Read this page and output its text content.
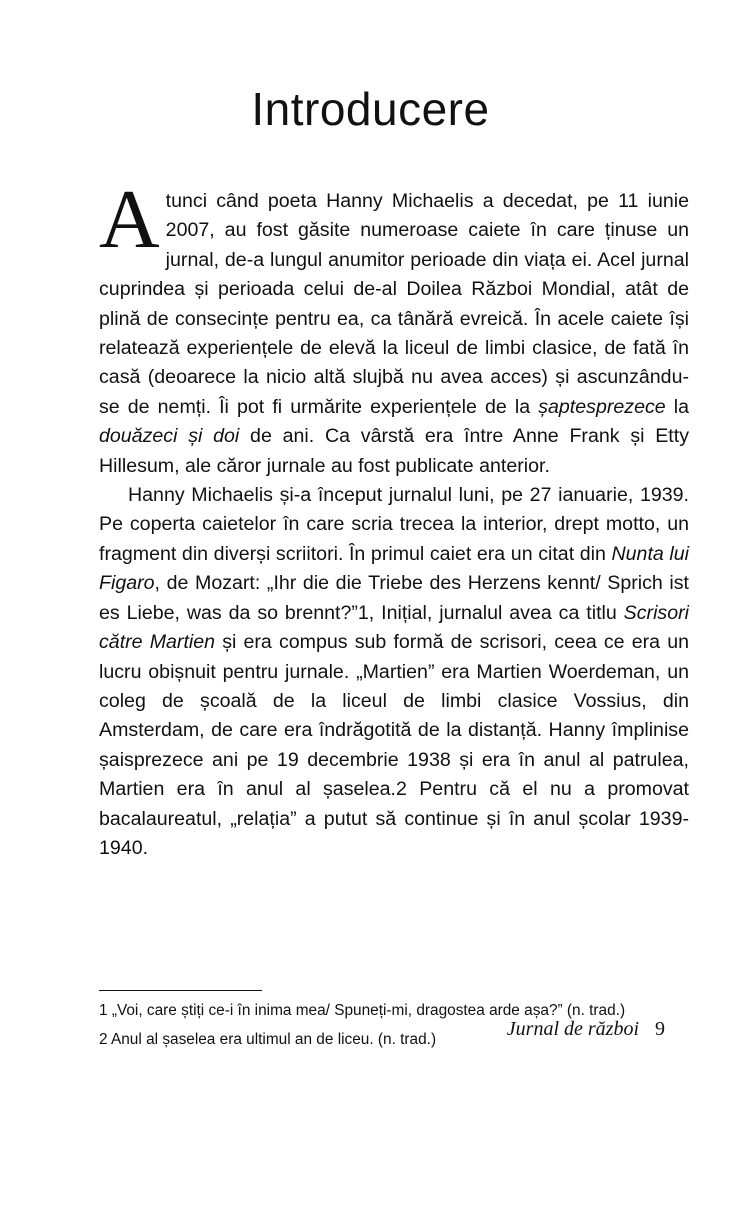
Introducere

Atunci când poeta Hanny Michaelis a decedat, pe 11 iunie 2007, au fost găsite numeroase caiete în care ținuse un jurnal, de-a lungul anumitor perioade din viața ei. Acel jurnal cuprindea și perioada celui de-al Doilea Război Mondial, atât de plină de consecințe pentru ea, ca tânără evreică. În acele caiete își relatează experiențele de elevă la liceul de limbi clasice, de fată în casă (deoarece la nicio altă slujbă nu avea acces) și ascunzându-se de nemți. Îi pot fi urmărite experiențele de la șaptesprezece la douăzeci și doi de ani. Ca vârstă era între Anne Frank și Etty Hillesum, ale căror jurnale au fost publicate anterior.

Hanny Michaelis și-a început jurnalul luni, pe 27 ianuarie, 1939. Pe coperta caietelor în care scria trecea la interior, drept motto, un fragment din diverși scriitori. În primul caiet era un citat din Nunta lui Figaro, de Mozart: „Ihr die die Triebe des Herzens kennt/ Sprich ist es Liebe, was da so brennt?”1, Inițial, jurnalul avea ca titlu Scrisori către Martien și era compus sub formă de scrisori, ceea ce era un lucru obișnuit pentru jurnale. „Martien” era Martien Woerdeman, un coleg de școală de la liceul de limbi clasice Vossius, din Amsterdam, de care era îndrăgotită de la distanță. Hanny împlinise șaisprezece ani pe 19 decembrie 1938 și era în anul al patrulea, Martien era în anul al șaselea.2 Pentru că el nu a promovat bacalaureatul, „relația” a putut să continue și în anul școlar 1939-1940.

1 „Voi, care știți ce-i în inima mea/ Spuneți-mi, dragostea arde așa?” (n. trad.)

2 Anul al șaselea era ultimul an de liceu. (n. trad.)	Jurnal de război 9
